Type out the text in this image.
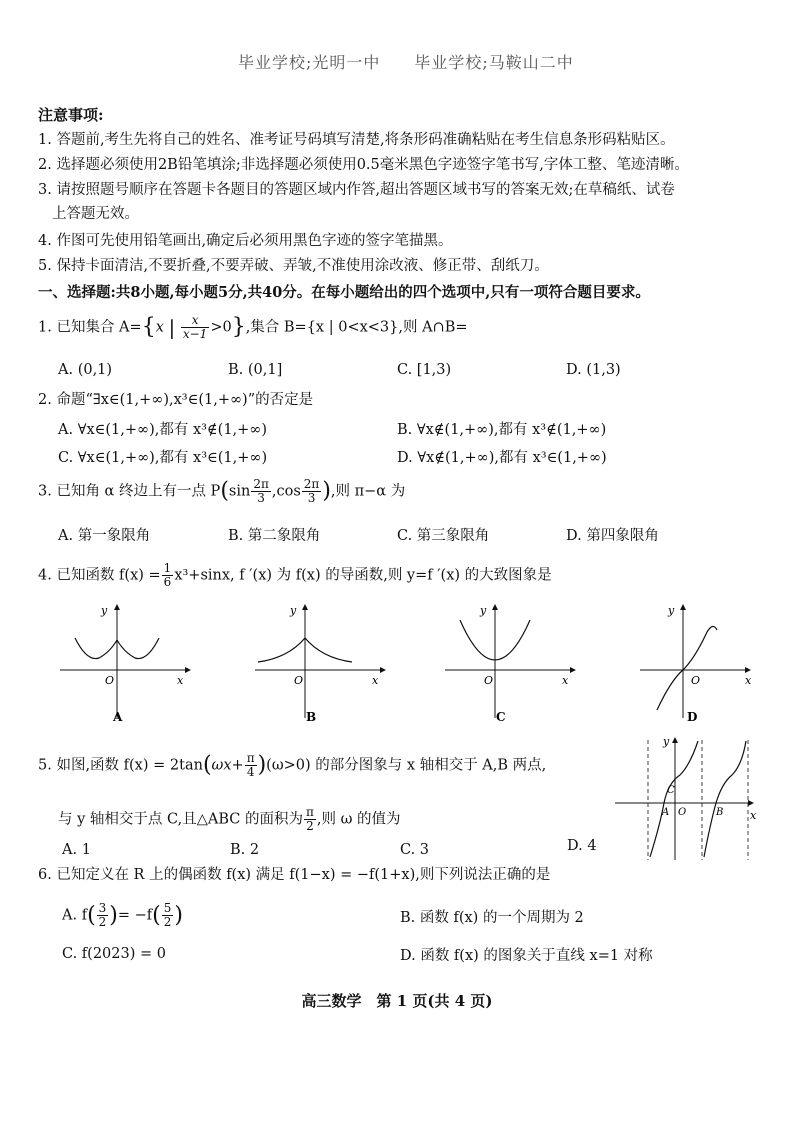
毕业学校;光明一中　　毕业学校;马鞍山二中
注意事项:
1. 答题前,考生先将自己的姓名、准考证号码填写清楚,将条形码准确粘贴在考生信息条形码粘贴区。
2. 选择题必须使用2B铅笔填涂;非选择题必须使用0.5毫米黑色字迹签字笔书写,字体工整、笔迹清晰。
3. 请按照题号顺序在答题卡各题目的答题区域内作答,超出答题区域书写的答案无效;在草稿纸、试卷
上答题无效。
4. 作图可先使用铅笔画出,确定后必须用黑色字迹的签字笔描黑。
5. 保持卡面清洁,不要折叠,不要弄破、弄皱,不准使用涂改液、修正带、刮纸刀。
一、选择题:共8小题,每小题5分,共40分。在每小题给出的四个选项中,只有一项符合题目要求。
1. 已知集合 A={x | $\frac{x}{x-1} >0$},集合 B={x | 0<x<3},则 A∩B=
A. (0,1)	B. (0,1]	C. [1,3)	D. (1,3)
2. 命题“∃x∈(1,+∞),x³∈(1,+∞)”的否定是
A. ∀x∈(1,+∞),都有 x³∉(1,+∞)	B. ∀x∉(1,+∞),都有 x³∉(1,+∞)
C. ∀x∈(1,+∞),都有 x³∈(1,+∞)	D. ∀x∉(1,+∞),都有 x³∈(1,+∞)
3. 已知角 α 终边上有一点 $P(\sin \frac{2\pi}{3} ,\cos \frac{2\pi}{3}$ ),则 π−α 为
A. 第一象限角	B. 第二象限角	C. 第三象限角	D. 第四象限角
4. 已知函数 $f(x) = \frac{1}{6} x^3+\sin x$, f ′(x) 为 f(x) 的导函数,则 y=f ′(x) 的大致图象是
y
x
O
A
y
x
O
B
y
x
O
C
y
x
O
D
5. 如图,函数 $f(x) = 2\tan(\omega x+ \frac{\pi}{4} )(\omega>0)$ 的部分图象与 x 轴相交于 A,B 两点,
与 y 轴相交于点 C,且△ABC 的面积为 $\frac{\pi}{2}$ ,则 ω 的值为
A. 1	B. 2	C. 3	D. 4
y
x
O
A	B
C
6. 已知定义在 R 上的偶函数 f(x) 满足 f(1−x) = −f(1+x),则下列说法正确的是
A. $f( \frac{3}{2}$ )= $-f( \frac{5}{2}$ )	B. 函数 f(x) 的一个周期为 2
C. f(2023) = 0	D. 函数 f(x) 的图象关于直线 x=1 对称
高三数学　第 1 页(共 4 页)
